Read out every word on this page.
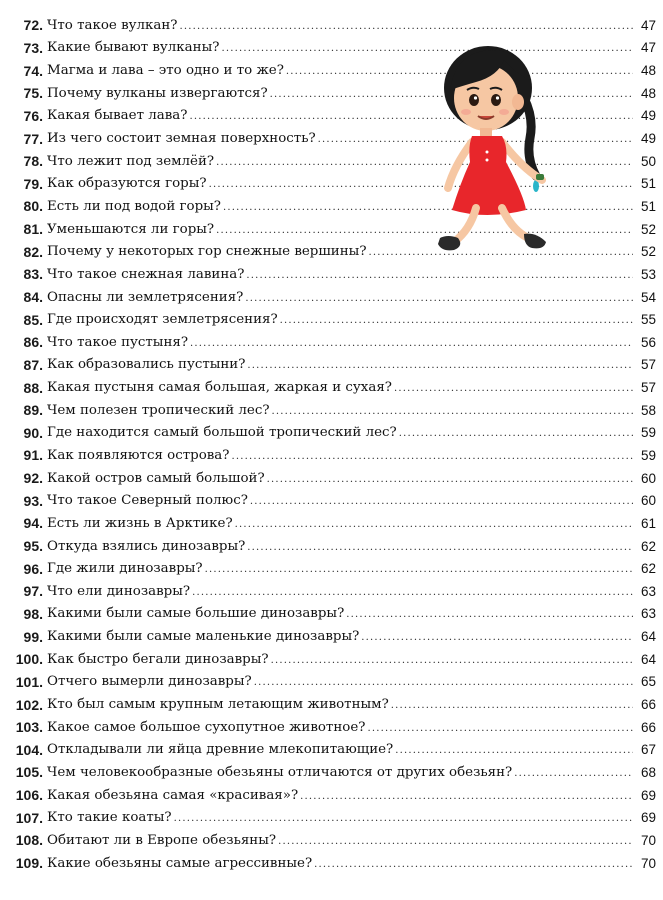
72. Что такое вулкан? .....	47
73. Какие бывают вулканы? .....	47
74. Магма и лава – это одно и то же? .....	48
75. Почему вулканы извергаются? .....	48
76. Какая бывает лава? .....	49
77. Из чего состоит земная поверхность? .....	49
78. Что лежит под землёй? .....	50
79. Как образуются горы? .....	51
80. Есть ли под водой горы? .....	51
81. Уменьшаются ли горы? .....	52
82. Почему у некоторых гор снежные вершины? .....	52
83. Что такое снежная лавина? .....	53
84. Опасны ли землетрясения? .....	54
85. Где происходят землетрясения? .....	55
86. Что такое пустыня? .....	56
87. Как образовались пустыни? .....	57
88. Какая пустыня самая большая, жаркая и сухая? .....	57
89. Чем полезен тропический лес? .....	58
90. Где находится самый большой тропический лес? .....	59
91. Как появляются острова? .....	59
92. Какой остров самый большой? .....	60
93. Что такое Северный полюс? .....	60
94. Есть ли жизнь в Арктике? .....	61
95. Откуда взялись динозавры? .....	62
96. Где жили динозавры? .....	62
97. Что ели динозавры? .....	63
98. Какими были самые большие динозавры? .....	63
99. Какими были самые маленькие динозавры? .....	64
100. Как быстро бегали динозавры? .....	64
101. Отчего вымерли динозавры? .....	65
102. Кто был самым крупным летающим животным? .....	66
103. Какое самое большое сухопутное животное? .....	66
104. Откладывали ли яйца древние млекопитающие? .....	67
105. Чем человекообразные обезьяны отличаются от других обезьян? .....	68
106. Какая обезьяна самая «красивая»? .....	69
107. Кто такие коаты? .....	69
108. Обитают ли в Европе обезьяны? .....	70
109. Какие обезьяны самые агрессивные? .....	70
